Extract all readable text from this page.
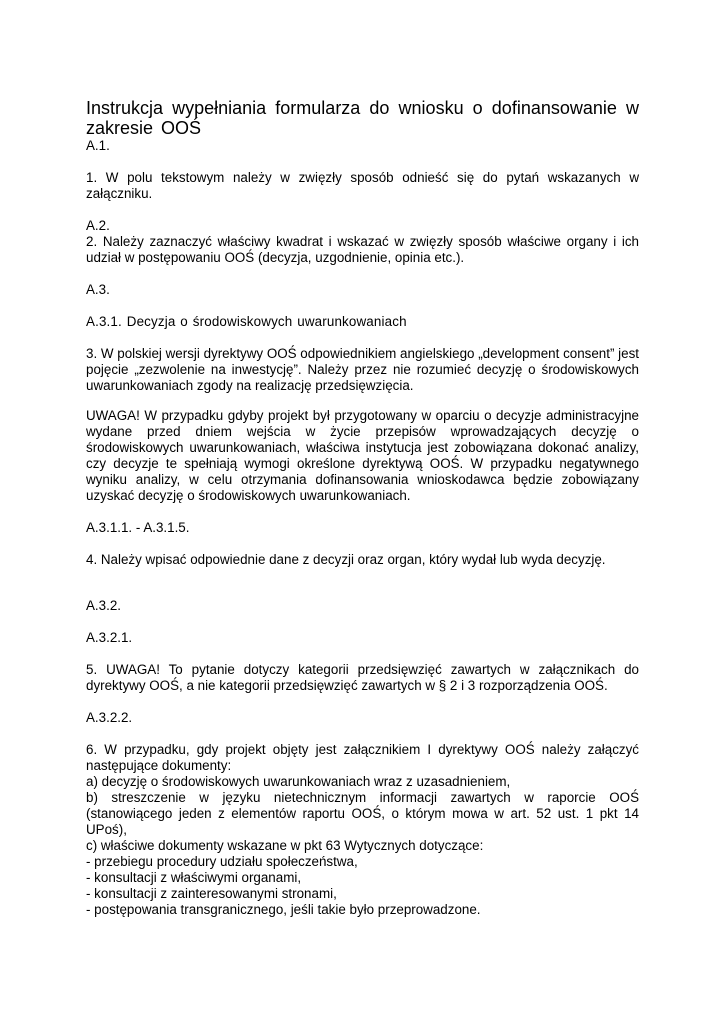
Instrukcja wypełniania formularza do wniosku o dofinansowanie w zakresie OOŚ

A.1.

1. W polu tekstowym należy w zwięzły sposób odnieść się do pytań wskazanych w załączniku.

A.2.

2. Należy zaznaczyć właściwy kwadrat i wskazać w zwięzły sposób właściwe organy i ich udział w postępowaniu OOŚ (decyzja, uzgodnienie, opinia etc.).

A.3.

A.3.1. Decyzja o środowiskowych uwarunkowaniach

3. W polskiej wersji dyrektywy OOŚ odpowiednikiem angielskiego „development consent” jest pojęcie „zezwolenie na inwestycję”. Należy przez nie rozumieć decyzję o środowiskowych uwarunkowaniach zgody na realizację przedsięwzięcia.

UWAGA! W przypadku gdyby projekt był przygotowany w oparciu o decyzje administracyjne wydane przed dniem wejścia w życie przepisów wprowadzających decyzję o środowiskowych uwarunkowaniach, właściwa instytucja jest zobowiązana dokonać analizy, czy decyzje te spełniają wymogi określone dyrektywą OOŚ. W przypadku negatywnego wyniku analizy, w celu otrzymania dofinansowania wnioskodawca będzie zobowiązany uzyskać decyzję o środowiskowych uwarunkowaniach.

A.3.1.1. - A.3.1.5.

4. Należy wpisać odpowiednie dane z decyzji oraz organ, który wydał lub wyda decyzję.

A.3.2.

A.3.2.1.

5. UWAGA! To pytanie dotyczy kategorii przedsięwzięć zawartych w załącznikach do dyrektywy OOŚ, a nie kategorii przedsięwzięć zawartych w § 2 i 3 rozporządzenia OOŚ.

A.3.2.2.

6. W przypadku, gdy projekt objęty jest załącznikiem I dyrektywy OOŚ należy załączyć następujące dokumenty:

a) decyzję o środowiskowych uwarunkowaniach wraz z uzasadnieniem,

b) streszczenie w języku nietechnicznym informacji zawartych w raporcie OOŚ (stanowiącego jeden z elementów raportu OOŚ, o którym mowa w art. 52 ust. 1 pkt 14 UPoś),

c) właściwe dokumenty wskazane w pkt 63 Wytycznych dotyczące:

- przebiegu procedury udziału społeczeństwa,

- konsultacji z właściwymi organami,

- konsultacji z zainteresowanymi stronami,

- postępowania transgranicznego, jeśli takie było przeprowadzone.
